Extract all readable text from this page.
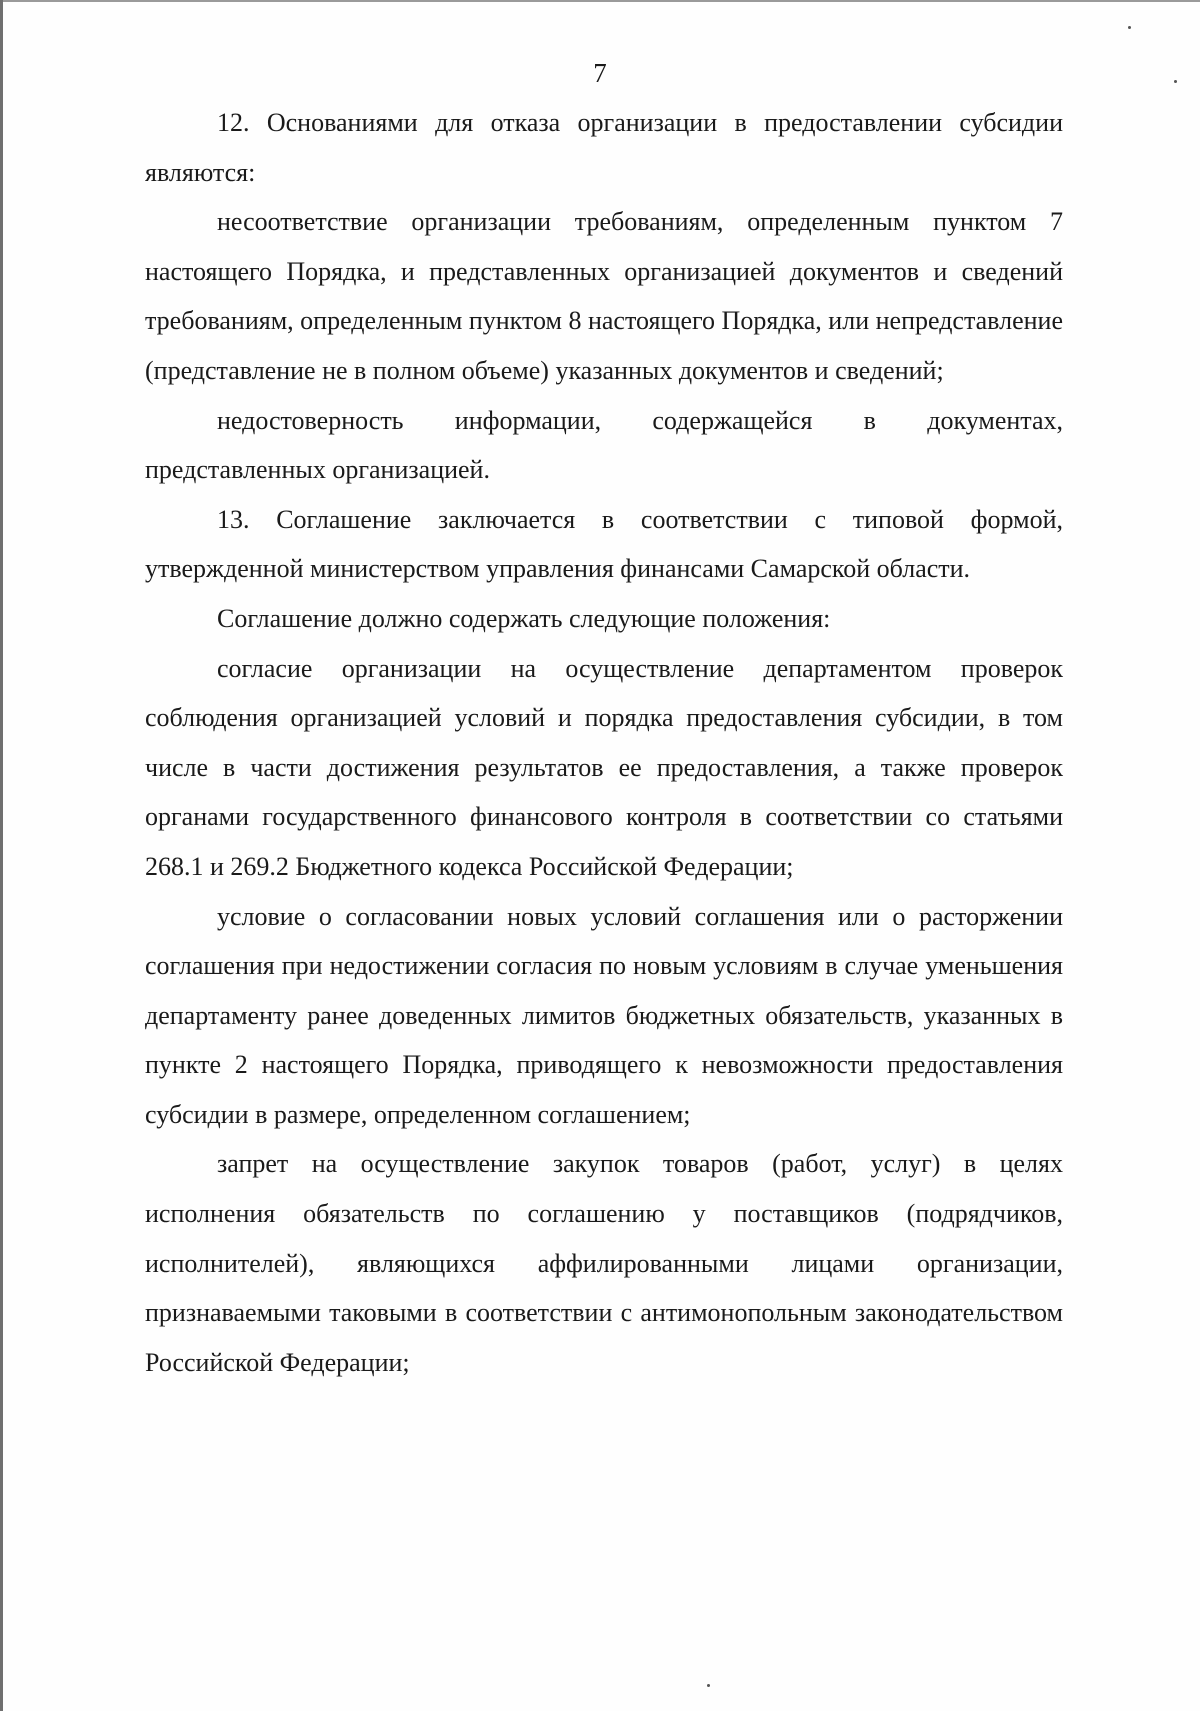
7

12. Основаниями для отказа организации в предоставлении субсидии являются:

несоответствие организации требованиям, определенным пунктом 7 настоящего Порядка, и представленных организацией документов и сведений требованиям, определенным пунктом 8 настоящего Порядка, или непредставление (представление не в полном объеме) указанных документов и сведений;

недостоверность информации, содержащейся в документах, представленных организацией.

13. Соглашение заключается в соответствии с типовой формой, утвержденной министерством управления финансами Самарской области.

Соглашение должно содержать следующие положения:

согласие организации на осуществление департаментом проверок соблюдения организацией условий и порядка предоставления субсидии, в том числе в части достижения результатов ее предоставления, а также проверок органами государственного финансового контроля в соответствии со статьями 268.1 и 269.2 Бюджетного кодекса Российской Федерации;

условие о согласовании новых условий соглашения или о расторжении соглашения при недостижении согласия по новым условиям в случае уменьшения департаменту ранее доведенных лимитов бюджетных обязательств, указанных в пункте 2 настоящего Порядка, приводящего к невозможности предоставления субсидии в размере, определенном соглашением;

запрет на осуществление закупок товаров (работ, услуг) в целях исполнения обязательств по соглашению у поставщиков (подрядчиков, исполнителей), являющихся аффилированными лицами организации, признаваемыми таковыми в соответствии с антимонопольным законодательством Российской Федерации;
